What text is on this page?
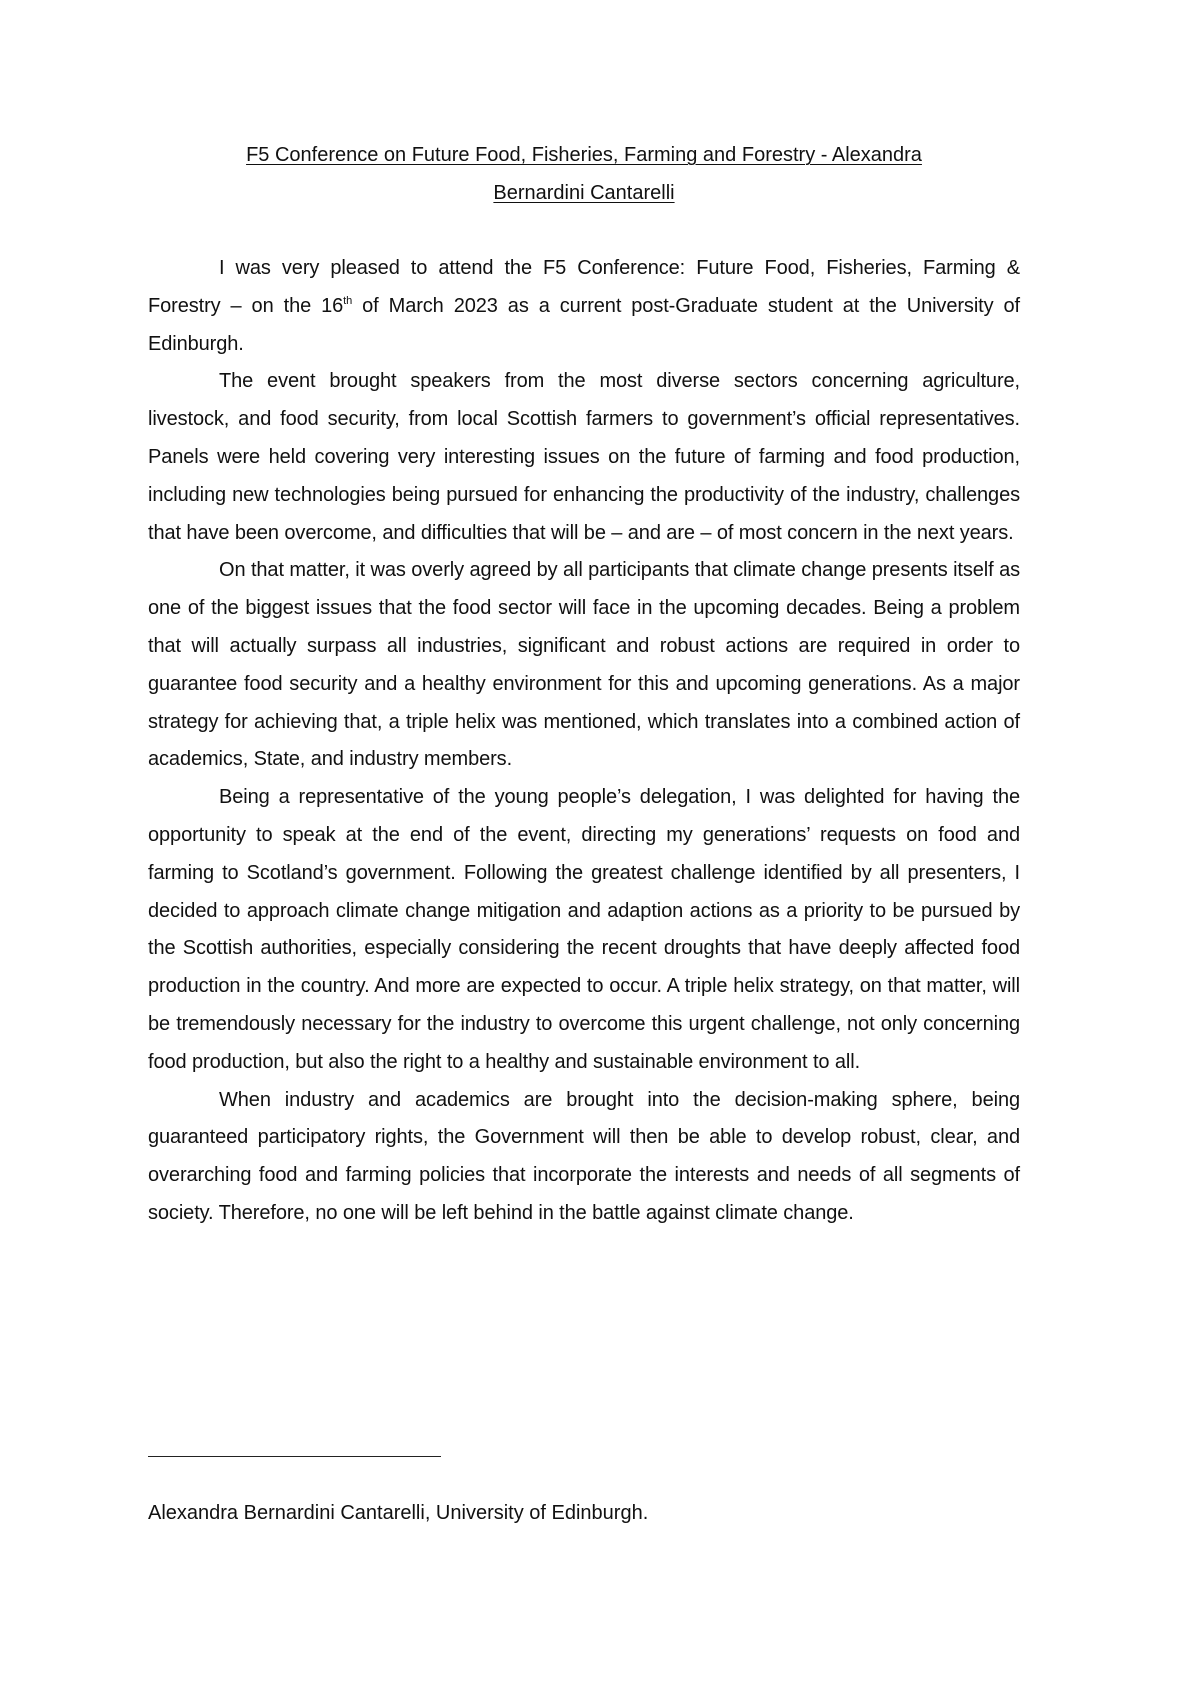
F5 Conference on Future Food, Fisheries, Farming and Forestry - Alexandra
Bernardini Cantarelli

I was very pleased to attend the F5 Conference: Future Food, Fisheries, Farming & Forestry – on the 16th of March 2023 as a current post-Graduate student at the University of Edinburgh.

The event brought speakers from the most diverse sectors concerning agriculture, livestock, and food security, from local Scottish farmers to government’s official representatives. Panels were held covering very interesting issues on the future of farming and food production, including new technologies being pursued for enhancing the productivity of the industry, challenges that have been overcome, and difficulties that will be – and are – of most concern in the next years.

On that matter, it was overly agreed by all participants that climate change presents itself as one of the biggest issues that the food sector will face in the upcoming decades. Being a problem that will actually surpass all industries, significant and robust actions are required in order to guarantee food security and a healthy environment for this and upcoming generations. As a major strategy for achieving that, a triple helix was mentioned, which translates into a combined action of academics, State, and industry members.

Being a representative of the young people’s delegation, I was delighted for having the opportunity to speak at the end of the event, directing my generations’ requests on food and farming to Scotland’s government. Following the greatest challenge identified by all presenters, I decided to approach climate change mitigation and adaption actions as a priority to be pursued by the Scottish authorities, especially considering the recent droughts that have deeply affected food production in the country. And more are expected to occur. A triple helix strategy, on that matter, will be tremendously necessary for the industry to overcome this urgent challenge, not only concerning food production, but also the right to a healthy and sustainable environment to all.

When industry and academics are brought into the decision-making sphere, being guaranteed participatory rights, the Government will then be able to develop robust, clear, and overarching food and farming policies that incorporate the interests and needs of all segments of society. Therefore, no one will be left behind in the battle against climate change.

Alexandra Bernardini Cantarelli, University of Edinburgh.
